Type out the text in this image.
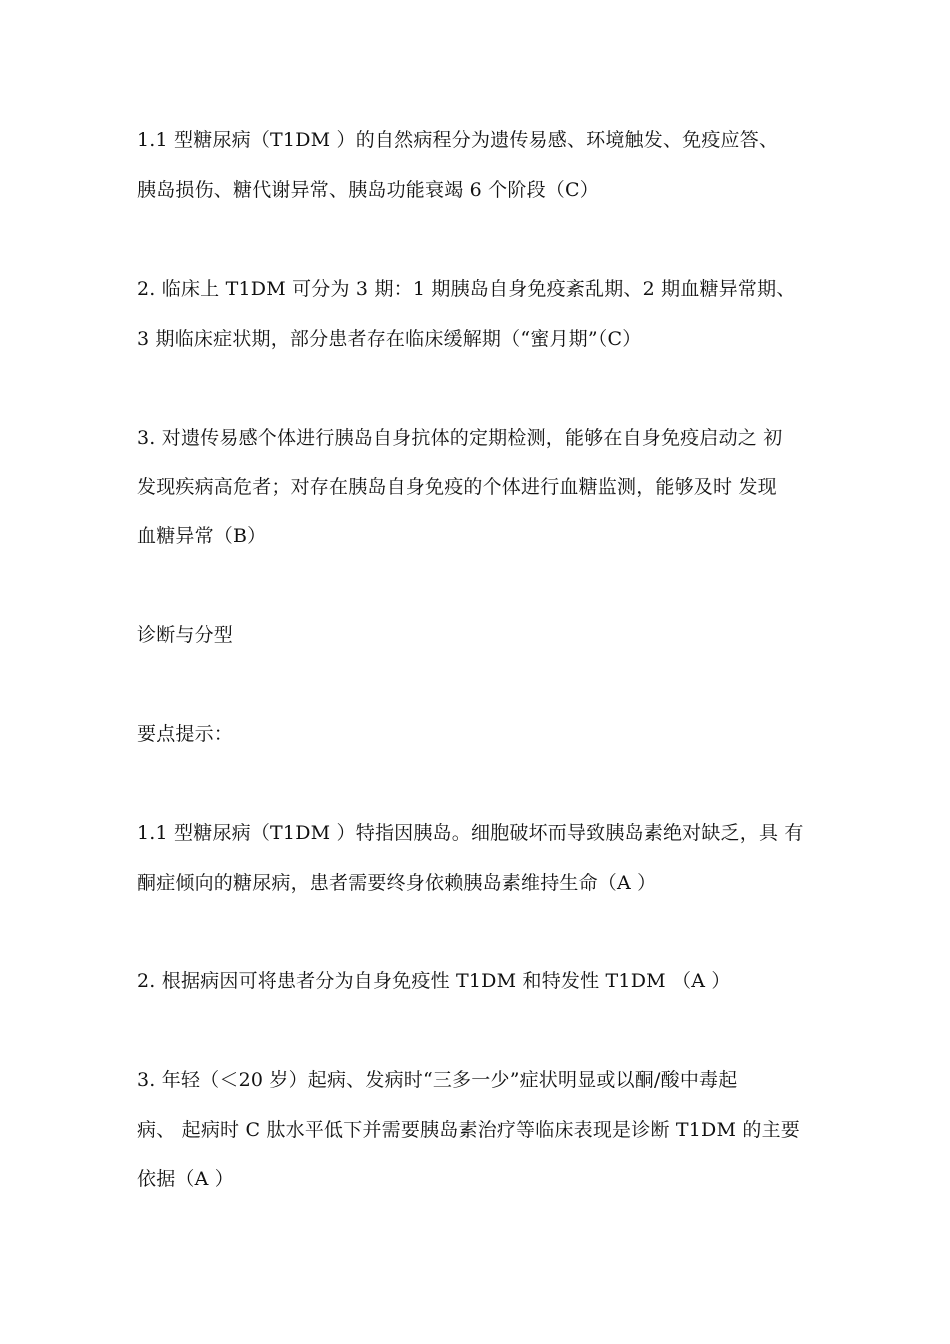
1.1 型糖尿病（T1DM ）的自然病程分为遗传易感、环境触发、免疫应答、
胰岛损伤、糖代谢异常、胰岛功能衰竭 6 个阶段（C）
2. 临床上 T1DM 可分为 3 期：1 期胰岛自身免疫紊乱期、2 期血糖异常期、
3 期临床症状期，部分患者存在临床缓解期（“蜜月期”（C）
3. 对遗传易感个体进行胰岛自身抗体的定期检测，能够在自身免疫启动之 初
发现疾病高危者；对存在胰岛自身免疫的个体进行血糖监测，能够及时 发现
血糖异常（B）
诊断与分型
要点提示：
1.1 型糖尿病（T1DM ）特指因胰岛。细胞破坏而导致胰岛素绝对缺乏，具 有
酮症倾向的糖尿病，患者需要终身依赖胰岛素维持生命（A ）
2. 根据病因可将患者分为自身免疫性 T1DM 和特发性 T1DM （A ）
3. 年轻（＜20 岁）起病、发病时“三多一少”症状明显或以酮/酸中毒起
病、 起病时 C 肽水平低下并需要胰岛素治疗等临床表现是诊断 T1DM 的主要
依据（A ）
